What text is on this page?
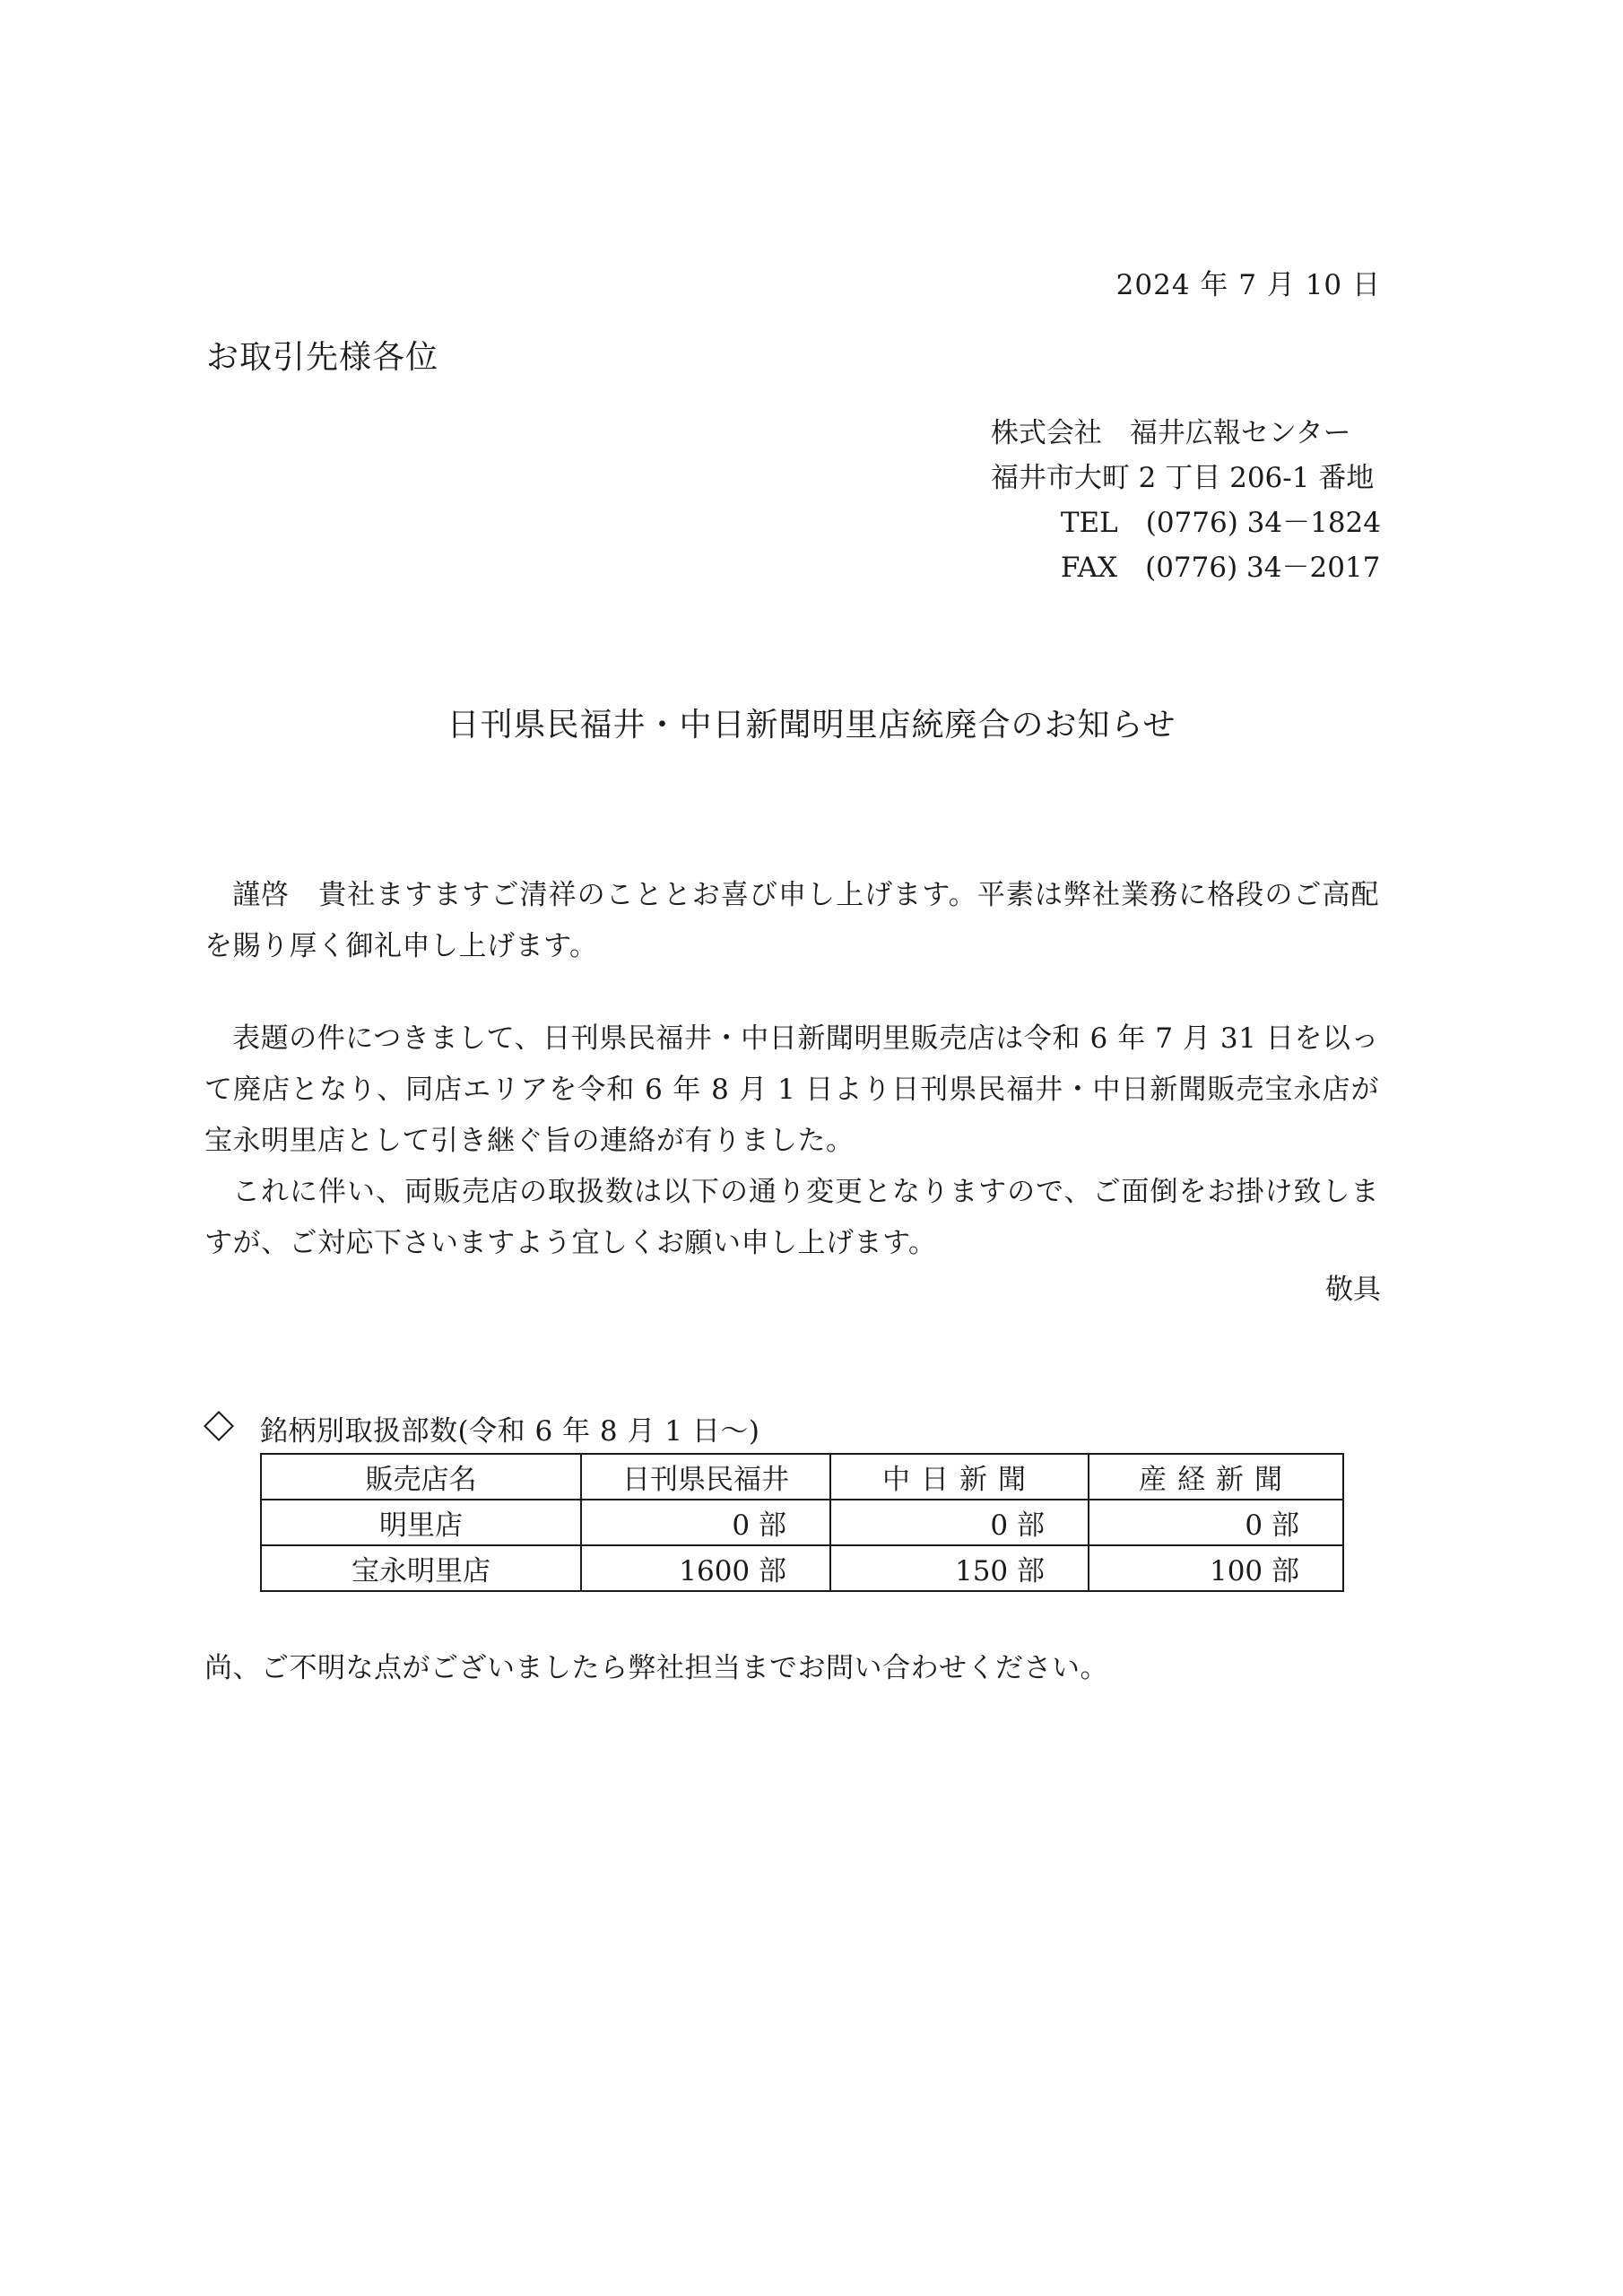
2024 年 7 月 10 日
お取引先様各位
株式会社　福井広報センター
福井市大町 2 丁目 206-1 番地
TEL　(0776) 34－1824
FAX　(0776) 34－2017
日刊県民福井・中日新聞明里店統廃合のお知らせ

謹啓　貴社ますますご清祥のこととお喜び申し上げます。平素は弊社業務に格段のご高配を賜り厚く御礼申し上げます。

表題の件につきまして、日刊県民福井・中日新聞明里販売店は令和 6 年 7 月 31 日を以って廃店となり、同店エリアを令和 6 年 8 月 1 日より日刊県民福井・中日新聞販売宝永店が宝永明里店として引き継ぐ旨の連絡が有りました。

これに伴い、両販売店の取扱数は以下の通り変更となりますので、ご面倒をお掛け致しますが、ご対応下さいますよう宜しくお願い申し上げます。

敬具
銘柄別取扱部数(令和 6 年 8 月 1 日～)
販売店名	日刊県民福井	中日新聞	産経新聞
明里店	0 部	0 部	0 部
宝永明里店	1600 部	150 部	100 部
尚、ご不明な点がございましたら弊社担当までお問い合わせください。
